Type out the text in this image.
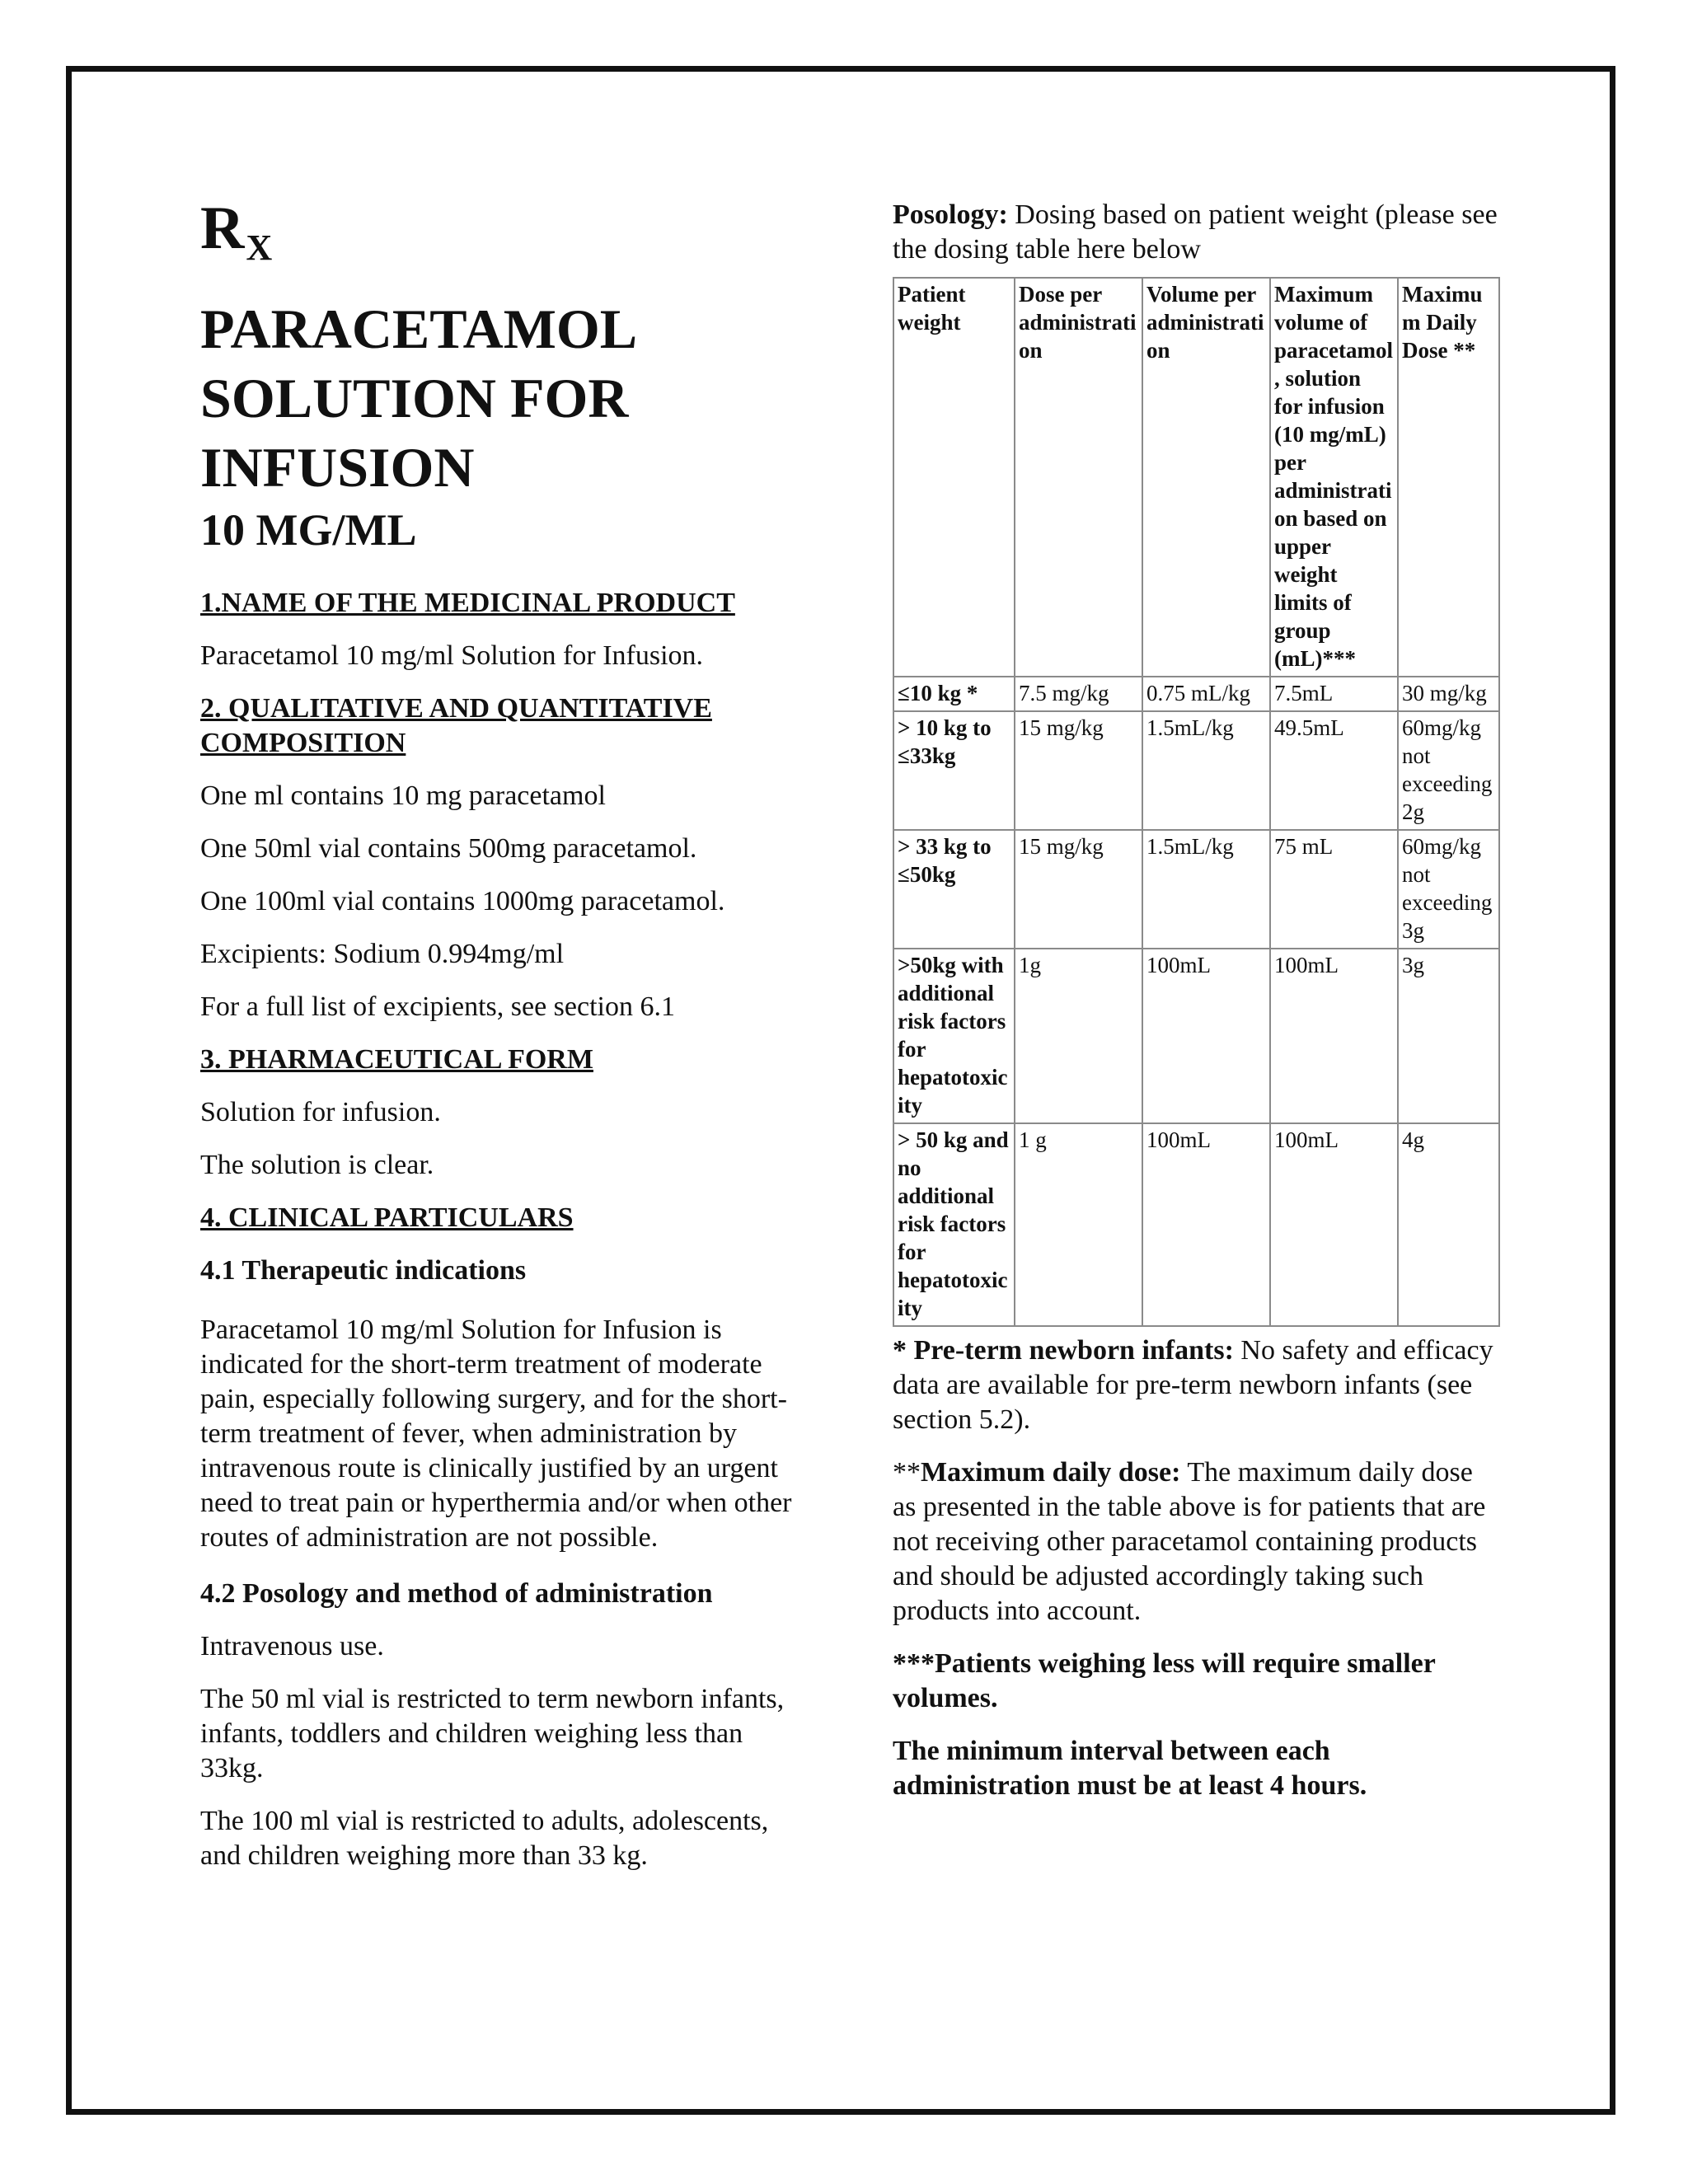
$R_X$
PARACETAMOL
SOLUTION FOR
INFUSION
10 MG/ML
1.NAME OF THE MEDICINAL PRODUCT
Paracetamol 10 mg/ml Solution for Infusion.
2. QUALITATIVE AND QUANTITATIVE COMPOSITION
One ml contains 10 mg paracetamol
One 50ml vial contains 500mg paracetamol.
One 100ml vial contains 1000mg paracetamol.
Excipients: Sodium 0.994mg/ml
For a full list of excipients, see section 6.1
3. PHARMACEUTICAL FORM
Solution for infusion.
The solution is clear.
4. CLINICAL PARTICULARS
4.1 Therapeutic indications
Paracetamol 10 mg/ml Solution for Infusion is indicated for the short-term treatment of moderate pain, especially following surgery, and for the short-term treatment of fever, when administration by intravenous route is clinically justified by an urgent need to treat pain or hyperthermia and/or when other routes of administration are not possible.
4.2 Posology and method of administration
Intravenous use.
The 50 ml vial is restricted to term newborn infants, infants, toddlers and children weighing less than 33kg.
The 100 ml vial is restricted to adults, adolescents, and children weighing more than 33 kg.
Posology: Dosing based on patient weight (please see the dosing table here below
Patient weight	Dose per administration	Volume per administration	Maximum volume of paracetamol, solution for infusion (10 mg/mL) per administration based on upper weight limits of group (mL)***	Maximum Daily Dose **
≤10 kg *	7.5 mg/kg	0.75 mL/kg	7.5mL	30 mg/kg
> 10 kg to ≤33kg	15 mg/kg	1.5mL/kg	49.5mL	60mg/kg not exceeding 2g
> 33 kg to ≤50kg	15 mg/kg	1.5mL/kg	75 mL	60mg/kg not exceeding 3g
>50kg with additional risk factors for hepatotoxicity	1g	100mL	100mL	3g
> 50 kg and no additional risk factors for hepatotoxicity	1 g	100mL	100mL	4g
* Pre-term newborn infants: No safety and efficacy data are available for pre-term newborn infants (see section 5.2).
**Maximum daily dose: The maximum daily dose as presented in the table above is for patients that are not receiving other paracetamol containing products and should be adjusted accordingly taking such products into account.
***Patients weighing less will require smaller volumes.
The minimum interval between each administration must be at least 4 hours.
